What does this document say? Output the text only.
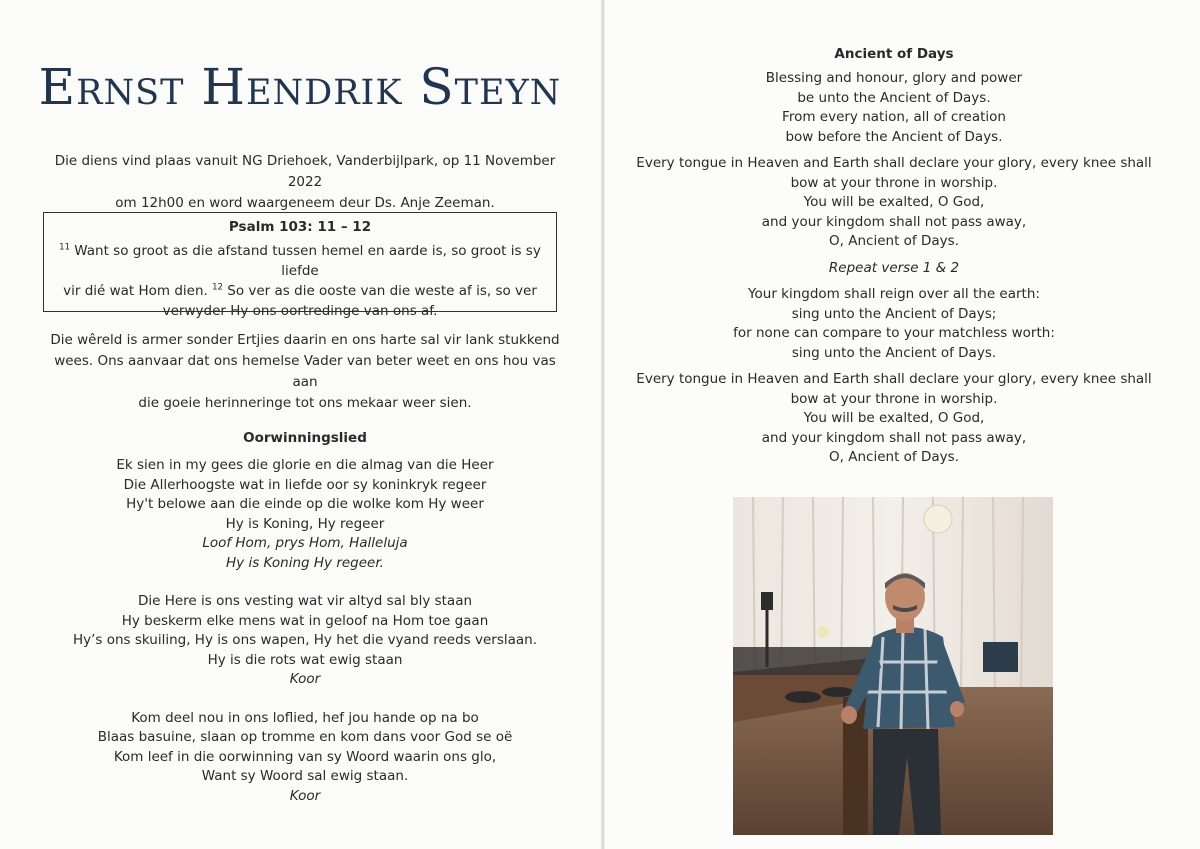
Ernst Hendrik Steyn
Die diens vind plaas vanuit NG Driehoek, Vanderbijlpark, op 11 November 2022
om 12h00 en word waargeneem deur Ds. Anje Zeeman.
Psalm 103: 11 – 12
$^{11}$ Want so groot as die afstand tussen hemel en aarde is, so groot is sy liefde
vir dié wat Hom dien. $^{12}$ So ver as die ooste van die weste af is, so ver
verwyder Hy ons oortredinge van ons af.
Die wêreld is armer sonder Ertjies daarin en ons harte sal vir lank stukkend
wees. Ons aanvaar dat ons hemelse Vader van beter weet en ons hou vas aan
die goeie herinneringe tot ons mekaar weer sien.
Oorwinningslied
Ek sien in my gees die glorie en die almag van die Heer
Die Allerhoogste wat in liefde oor sy koninkryk regeer
Hy't belowe aan die einde op die wolke kom Hy weer
Hy is Koning, Hy regeer
Loof Hom, prys Hom, Halleluja
Hy is Koning Hy regeer.
Die Here is ons vesting wat vir altyd sal bly staan
Hy beskerm elke mens wat in geloof na Hom toe gaan
Hy’s ons skuiling, Hy is ons wapen, Hy het die vyand reeds verslaan.
Hy is die rots wat ewig staan
Koor
Kom deel nou in ons loflied, hef jou hande op na bo
Blaas basuine, slaan op tromme en kom dans voor God se oë
Kom leef in die oorwinning van sy Woord waarin ons glo,
Want sy Woord sal ewig staan.
Koor
Ancient of Days
Blessing and honour, glory and power
be unto the Ancient of Days.
From every nation, all of creation
bow before the Ancient of Days.
Every tongue in Heaven and Earth shall declare your glory, every knee shall
bow at your throne in worship.
You will be exalted, O God,
and your kingdom shall not pass away,
O, Ancient of Days.
Repeat verse 1 & 2
Your kingdom shall reign over all the earth:
sing unto the Ancient of Days;
for none can compare to your matchless worth:
sing unto the Ancient of Days.
Every tongue in Heaven and Earth shall declare your glory, every knee shall
bow at your throne in worship.
You will be exalted, O God,
and your kingdom shall not pass away,
O, Ancient of Days.
